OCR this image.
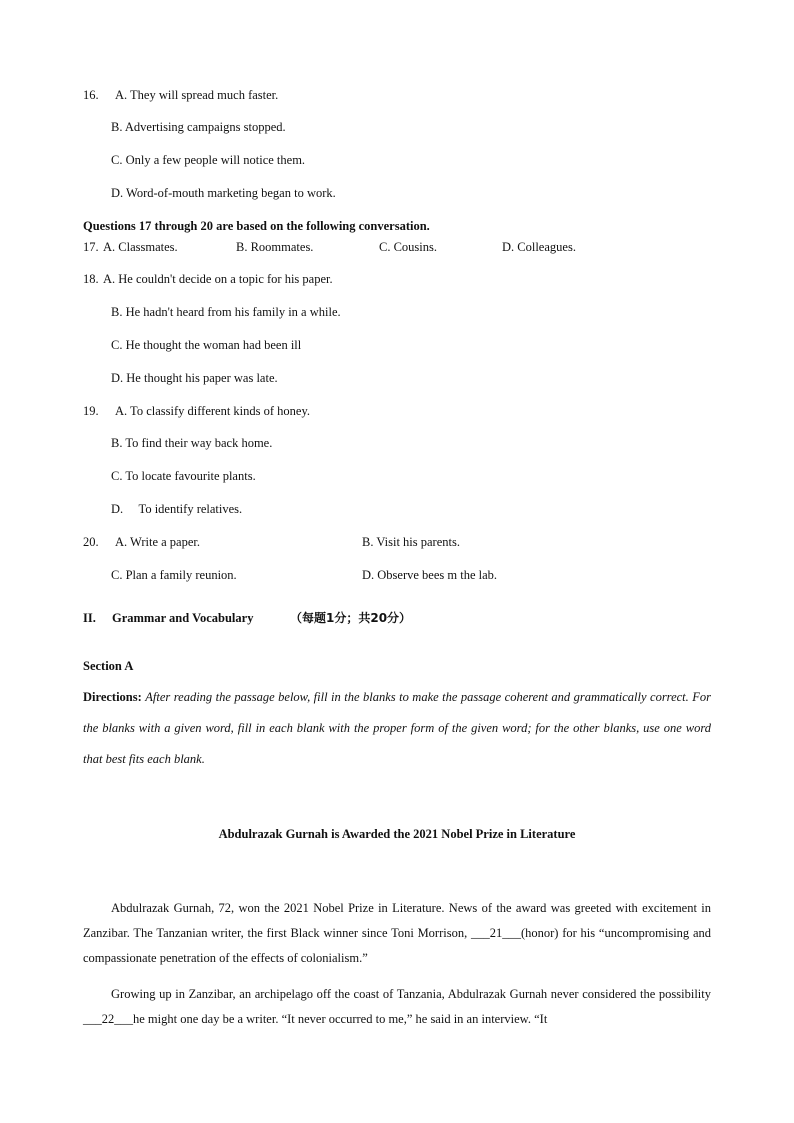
16. A. They will spread much faster.
B. Advertising campaigns stopped.
C. Only a few people will notice them.
D. Word-of-mouth marketing began to work.
Questions 17 through 20 are based on the following conversation.
17. A. Classmates.	B. Roommates.	C. Cousins.	D. Colleagues.
18. A. He couldn't decide on a topic for his paper.
B. He hadn't heard from his family in a while.
C. He thought the woman had been ill
D. He thought his paper was late.
19. A. To classify different kinds of honey.
B. To find their way back home.
C. To locate favourite plants.
D.     To identify relatives.
20. A. Write a paper.	B. Visit his parents.
C. Plan a family reunion.	D. Observe bees m the lab.
II. Grammar and Vocabulary	（每题1分；共20分）
Section A
Directions: After reading the passage below, fill in the blanks to make the passage coherent and grammatically correct. For the blanks with a given word, fill in each blank with the proper form of the given word; for the other blanks, use one word that best fits each blank.
Abdulrazak Gurnah is Awarded the 2021 Nobel Prize in Literature
Abdulrazak Gurnah, 72, won the 2021 Nobel Prize in Literature. News of the award was greeted with excitement in Zanzibar. The Tanzanian writer, the first Black winner since Toni Morrison, ___21___(honor) for his “uncompromising and compassionate penetration of the effects of colonialism.”
Growing up in Zanzibar, an archipelago off the coast of Tanzania, Abdulrazak Gurnah never considered the possibility ___22___he might one day be a writer. “It never occurred to me,” he said in an interview. “It
